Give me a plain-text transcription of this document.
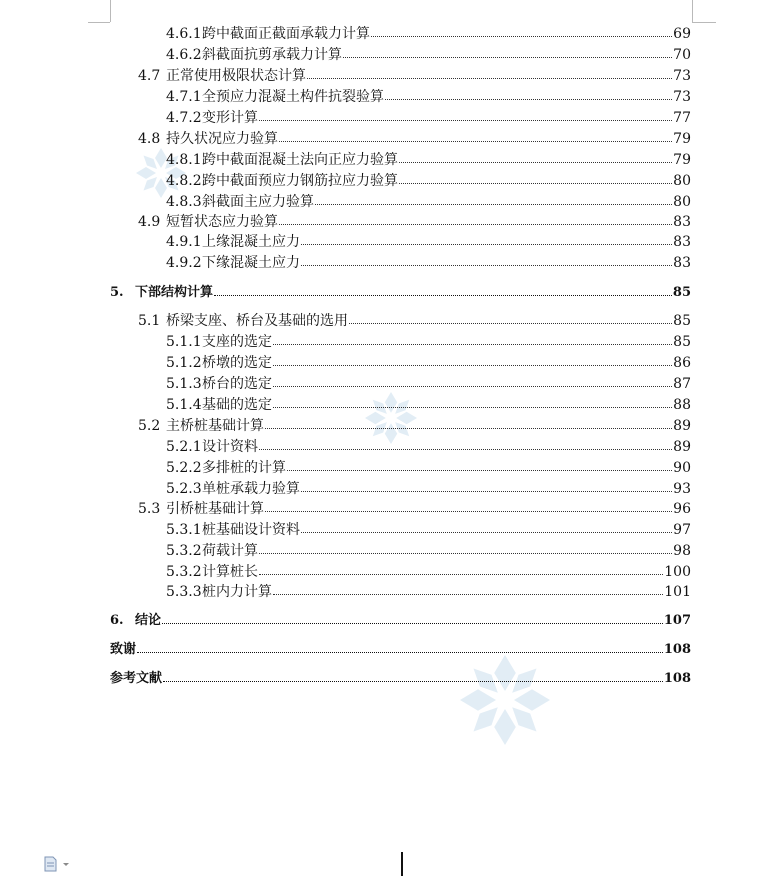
4.6.1 跨中截面正截面承载力计算	69
4.6.2 斜截面抗剪承载力计算	70
4.7 正常使用极限状态计算	73
4.7.1 全预应力混凝土构件抗裂验算	73
4.7.2 变形计算	77
4.8 持久状况应力验算	79
4.8.1 跨中截面混凝土法向正应力验算	79
4.8.2 跨中截面预应力钢筋拉应力验算	80
4.8.3 斜截面主应力验算	80
4.9 短暂状态应力验算	83
4.9.1 上缘混凝土应力	83
4.9.2 下缘混凝土应力	83
5. 下部结构计算	85
5.1 桥梁支座、桥台及基础的选用	85
5.1.1 支座的选定	85
5.1.2 桥墩的选定	86
5.1.3 桥台的选定	87
5.1.4 基础的选定	88
5.2 主桥桩基础计算	89
5.2.1 设计资料	89
5.2.2 多排桩的计算	90
5.2.3 单桩承载力验算	93
5.3 引桥桩基础计算	96
5.3.1 桩基础设计资料	97
5.3.2 荷载计算	98
5.3.2 计算桩长	100
5.3.3 桩内力计算	101
6. 结论	107
致谢	108
参考文献	108
